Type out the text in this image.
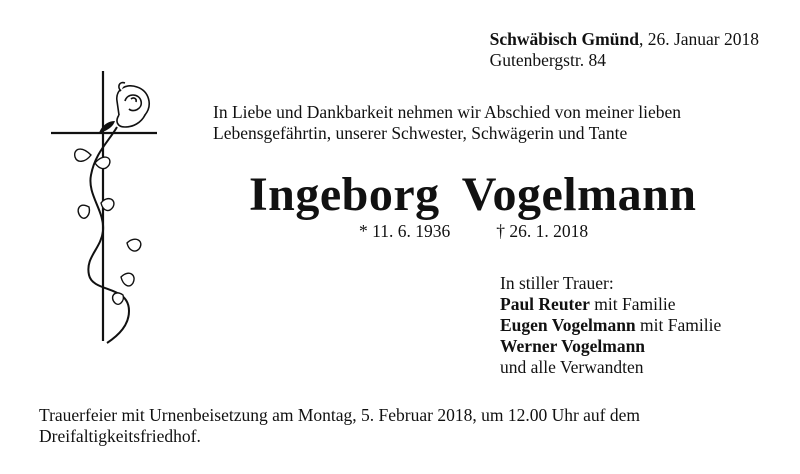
Schwäbisch Gmünd, 26. Januar 2018
Gutenbergstr. 84
In Liebe und Dankbarkeit nehmen wir Abschied von meiner lieben
Lebensgefährtin, unserer Schwester, Schwägerin und Tante
Ingeborg Vogelmann
* 11. 6. 1936	† 26. 1. 2018
In stiller Trauer:
Paul Reuter mit Familie
Eugen Vogelmann mit Familie
Werner Vogelmann
und alle Verwandten
Trauerfeier mit Urnenbeisetzung am Montag, 5. Februar 2018, um 12.00 Uhr auf dem
Dreifaltigkeitsfriedhof.
